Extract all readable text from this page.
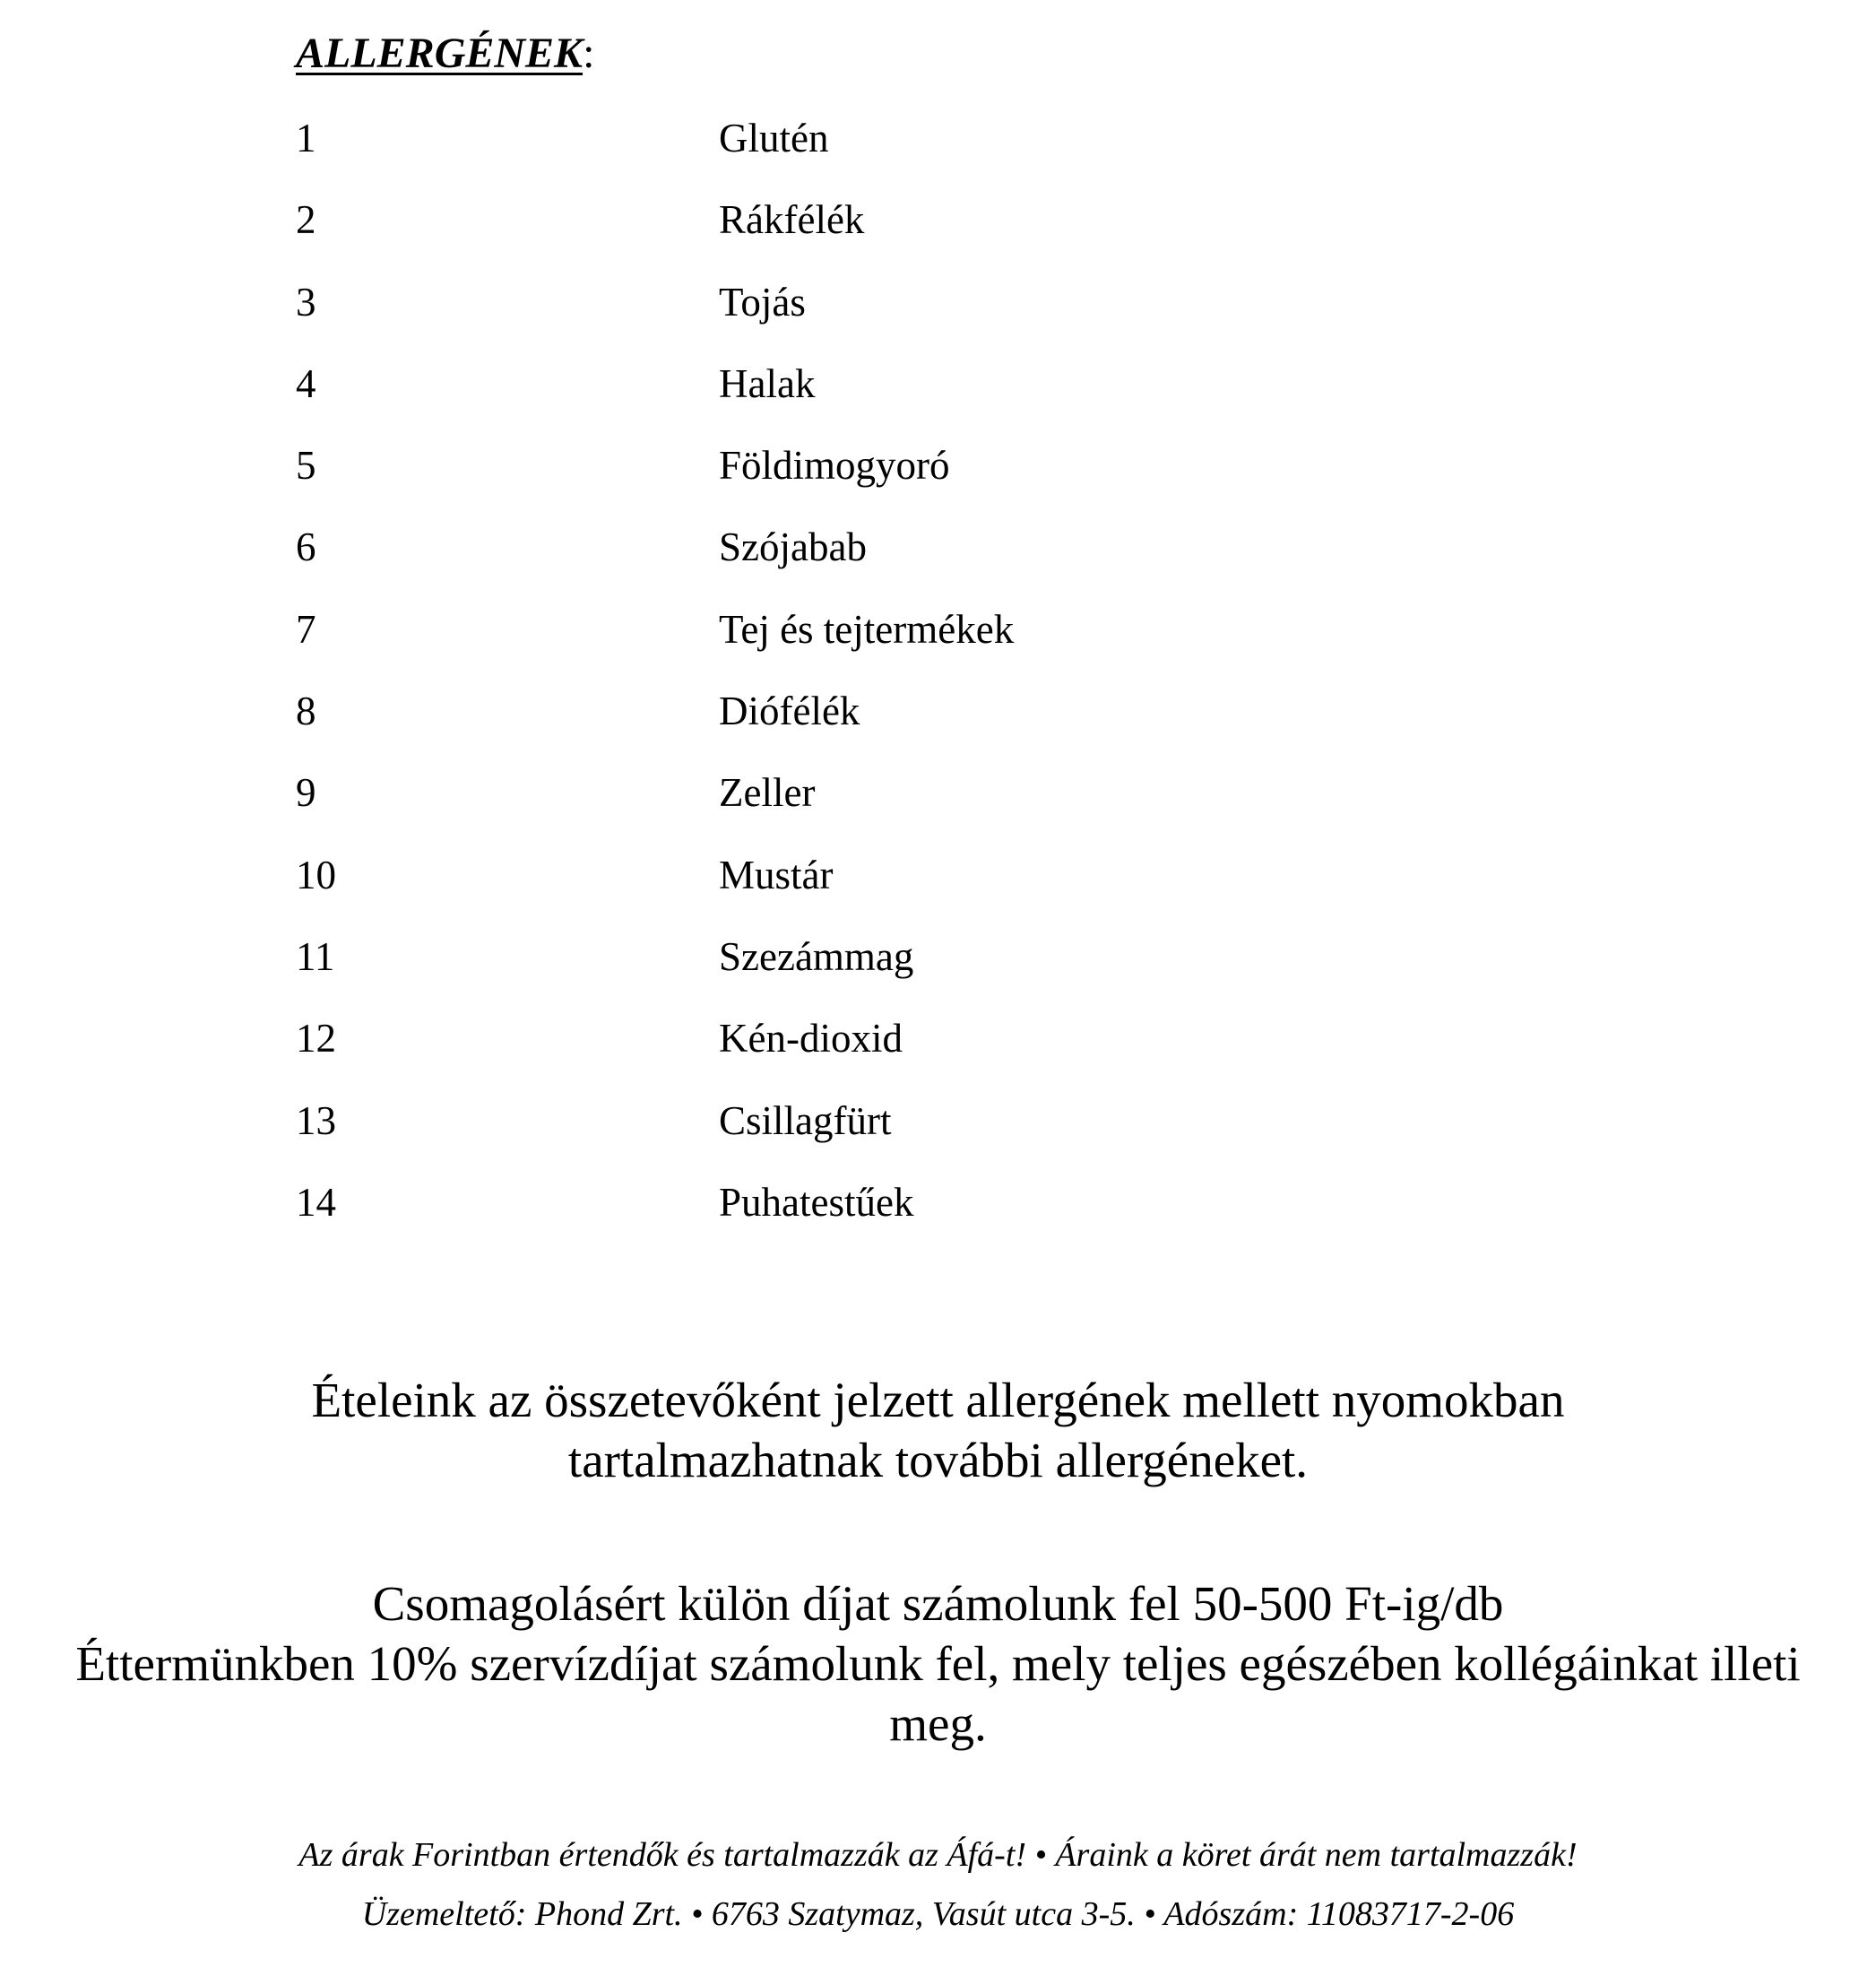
ALLERGÉNEK:
1	Glutén
2	Rákfélék
3	Tojás
4	Halak
5	Földimogyoró
6	Szójabab
7	Tej és tejtermékek
8	Diófélék
9	Zeller
10	Mustár
11	Szezámmag
12	Kén-dioxid
13	Csillagfürt
14	Puhatestűek
Ételeink az összetevőként jelzett allergének mellett nyomokban
tartalmazhatnak további allergéneket.
Csomagolásért külön díjat számolunk fel 50-500 Ft-ig/db
Éttermünkben 10% szervízdíjat számolunk fel, mely teljes egészében kollégáinkat illeti
meg.
Az árak Forintban értendők és tartalmazzák az Áfá-t! • Áraink a köret árát nem tartalmazzák!
Üzemeltető: Phond Zrt. • 6763 Szatymaz, Vasút utca 3-5. • Adószám: 11083717-2-06
